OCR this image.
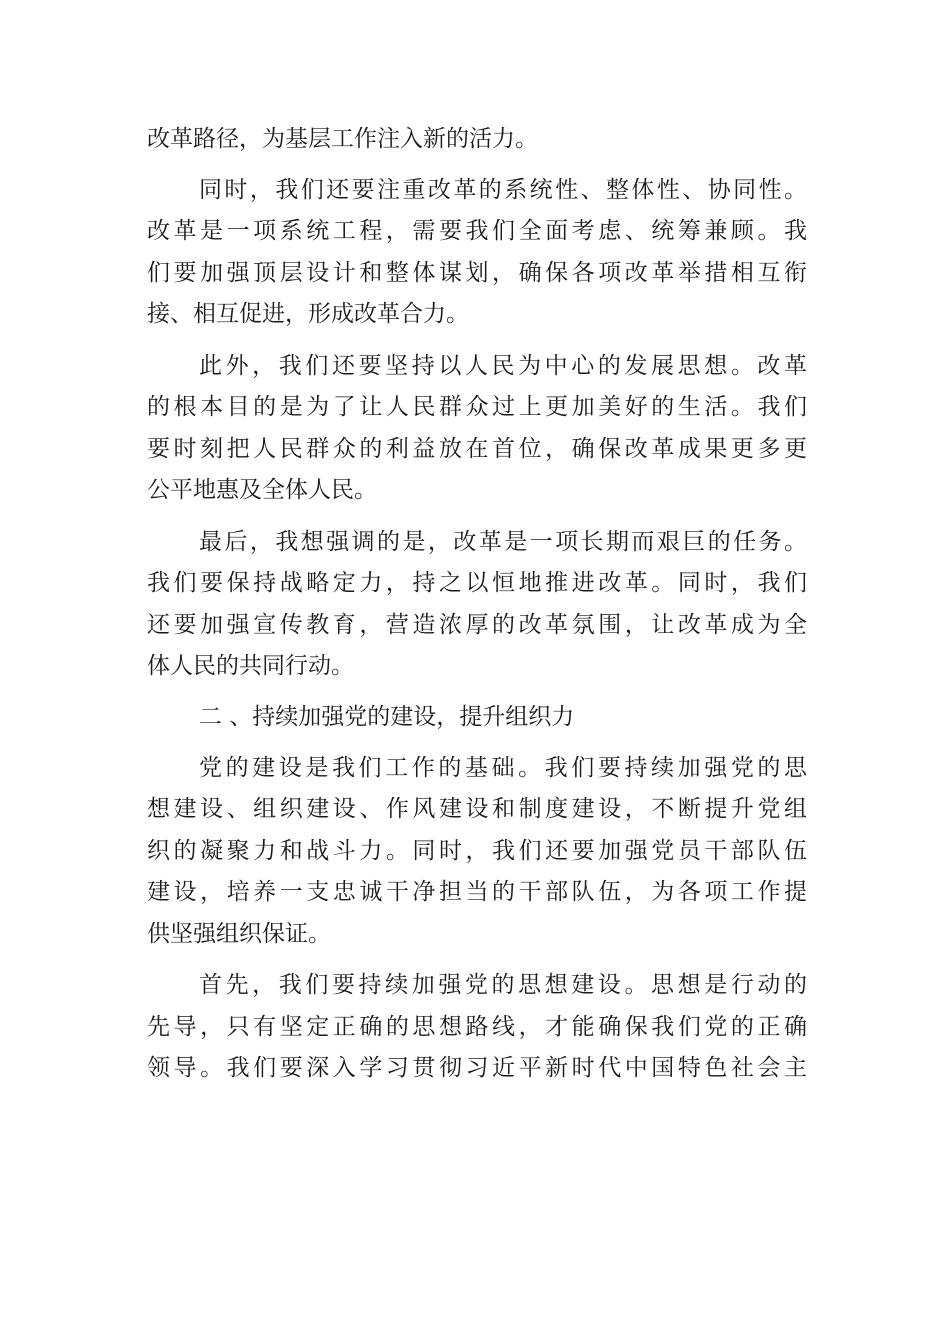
改革路径，为基层工作注入新的活力。
同时，我们还要注重改革的系统性、整体性、协同性。
改革是一项系统工程，需要我们全面考虑、统筹兼顾。我
们要加强顶层设计和整体谋划，确保各项改革举措相互衔
接、相互促进，形成改革合力。
此外，我们还要坚持以人民为中心的发展思想。改革
的根本目的是为了让人民群众过上更加美好的生活。我们
要时刻把人民群众的利益放在首位，确保改革成果更多更
公平地惠及全体人民。
最后，我想强调的是，改革是一项长期而艰巨的任务。
我们要保持战略定力，持之以恒地推进改革。同时，我们
还要加强宣传教育，营造浓厚的改革氛围，让改革成为全
体人民的共同行动。
二 、持续加强党的建设，提升组织力
党的建设是我们工作的基础。我们要持续加强党的思
想建设、组织建设、作风建设和制度建设，不断提升党组
织的凝聚力和战斗力。同时，我们还要加强党员干部队伍
建设，培养一支忠诚干净担当的干部队伍，为各项工作提
供坚强组织保证。
首先，我们要持续加强党的思想建设。思想是行动的
先导，只有坚定正确的思想路线，才能确保我们党的正确
领导。我们要深入学习贯彻习近平新时代中国特色社会主
